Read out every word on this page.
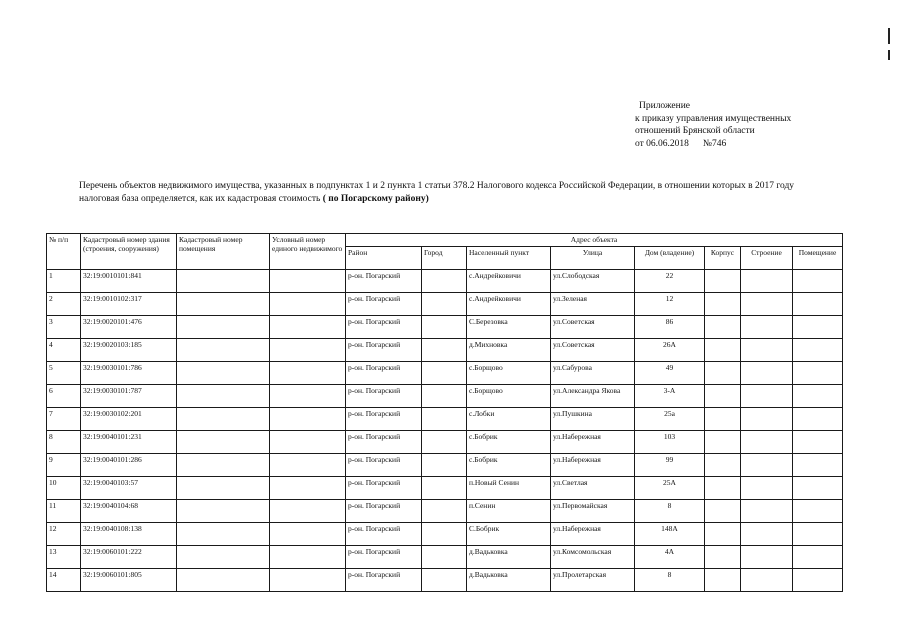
Приложение
к приказу управления имущественных
отношений Брянской области
от 06.06.2018 №746
Перечень объектов недвижимого имущества, указанных в подпунктах 1 и 2 пункта 1 статьи 378.2 Налогового кодекса Российской Федерации, в отношении которых в 2017 году налоговая база определяется, как их кадастровая стоимость ( по Погарскому району)
№ п/п	Кадастровый номер здания (строения, сооружения)	Кадастровый номер помещения	Условный номер единого недвижимого	Адрес объекта							
				Район	Город	Населенный пункт	Улица	Дом (владение)	Корпус	Строение	Помещение
1	32:19:0010101:841			р-он. Погарский		с.Андрейковичи	ул.Слободская	22			
2	32:19:0010102:317			р-он. Погарский		с.Андрейковичи	ул.Зеленая	12			
3	32:19:0020101:476			р-он. Погарский		С.Березовка	ул.Советская	86			
4	32:19:0020103:185			р-он. Погарский		д.Михновка	ул.Советская	26А			
5	32:19:0030101:786			р-он. Погарский		с.Борщово	ул.Сабурова	49			
6	32:19:0030101:787			р-он. Погарский		с.Борщово	ул.Александра Якова	3-А			
7	32:19:0030102:201			р-он. Погарский		с.Лобки	ул.Пушкина	25а			
8	32:19:0040101:231			р-он. Погарский		с.Бобрик	ул.Набережная	103			
9	32:19:0040101:286			р-он. Погарский		с.Бобрик	ул.Набережная	99			
10	32:19:0040103:57			р-он. Погарский		п.Новый Сенин	ул.Светлая	25А			
11	32:19:0040104:68			р-он. Погарский		п.Сенин	ул.Первомайская	8			
12	32:19:0040108:138			р-он. Погарский		С.Бобрик	ул.Набережная	148А			
13	32:19:0060101:222			р-он. Погарский		д.Вадьковка	ул.Комсомольская	4А			
14	32:19:0060101:805			р-он. Погарский		д.Вадьковка	ул.Пролетарская	8			
